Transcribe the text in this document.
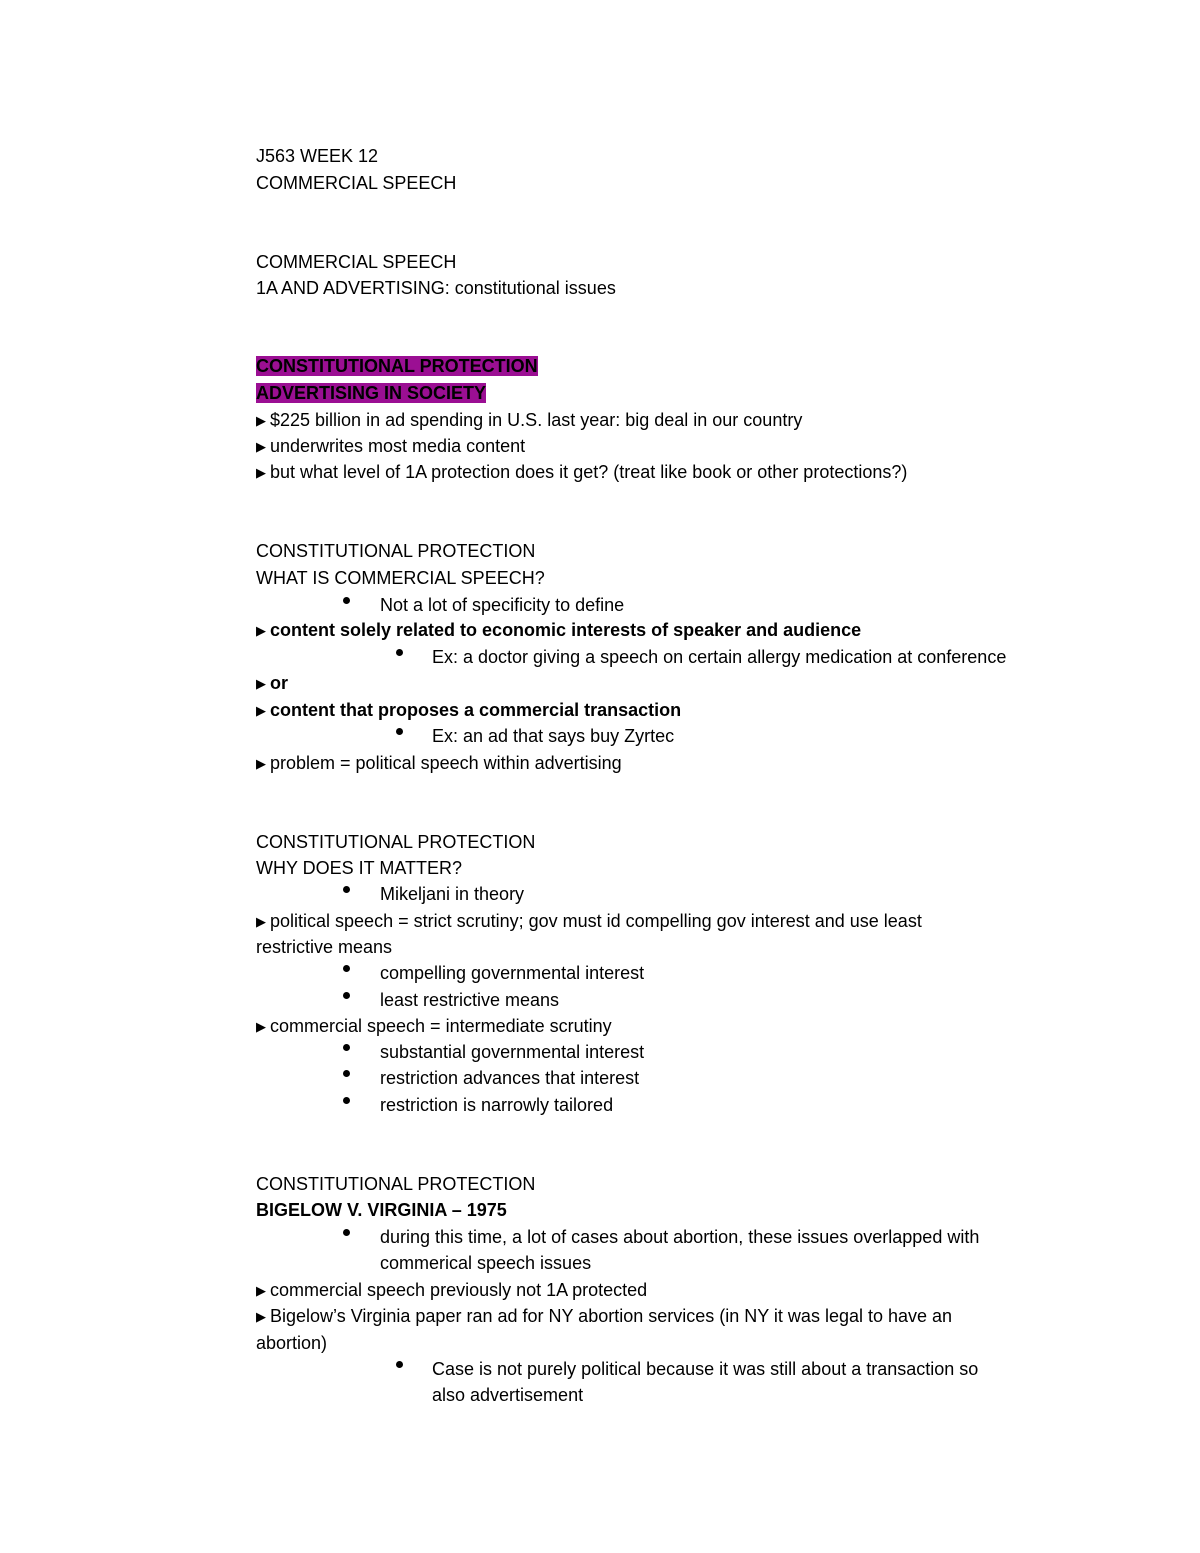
J563 WEEK 12
COMMERCIAL SPEECH
COMMERCIAL SPEECH
1A AND ADVERTISING: constitutional issues
CONSTITUTIONAL PROTECTION
ADVERTISING IN SOCIETY
▶ $225 billion in ad spending in U.S. last year: big deal in our country
▶ underwrites most media content
▶ but what level of 1A protection does it get? (treat like book or other protections?)
CONSTITUTIONAL PROTECTION
WHAT IS COMMERCIAL SPEECH?
Not a lot of specificity to define
▶ content solely related to economic interests of speaker and audience
Ex: a doctor giving a speech on certain allergy medication at conference
▶ or
▶ content that proposes a commercial transaction
Ex: an ad that says buy Zyrtec
▶ problem = political speech within advertising
CONSTITUTIONAL PROTECTION
WHY DOES IT MATTER?
Mikeljani in theory
▶ political speech = strict scrutiny; gov must id compelling gov interest and use least
restrictive means
compelling governmental interest
least restrictive means
▶ commercial speech = intermediate scrutiny
substantial governmental interest
restriction advances that interest
restriction is narrowly tailored
CONSTITUTIONAL PROTECTION
BIGELOW V. VIRGINIA – 1975
during this time, a lot of cases about abortion, these issues overlapped with
commerical speech issues
▶ commercial speech previously not 1A protected
▶ Bigelow’s Virginia paper ran ad for NY abortion services (in NY it was legal to have an
abortion)
Case is not purely political because it was still about a transaction so
also advertisement
